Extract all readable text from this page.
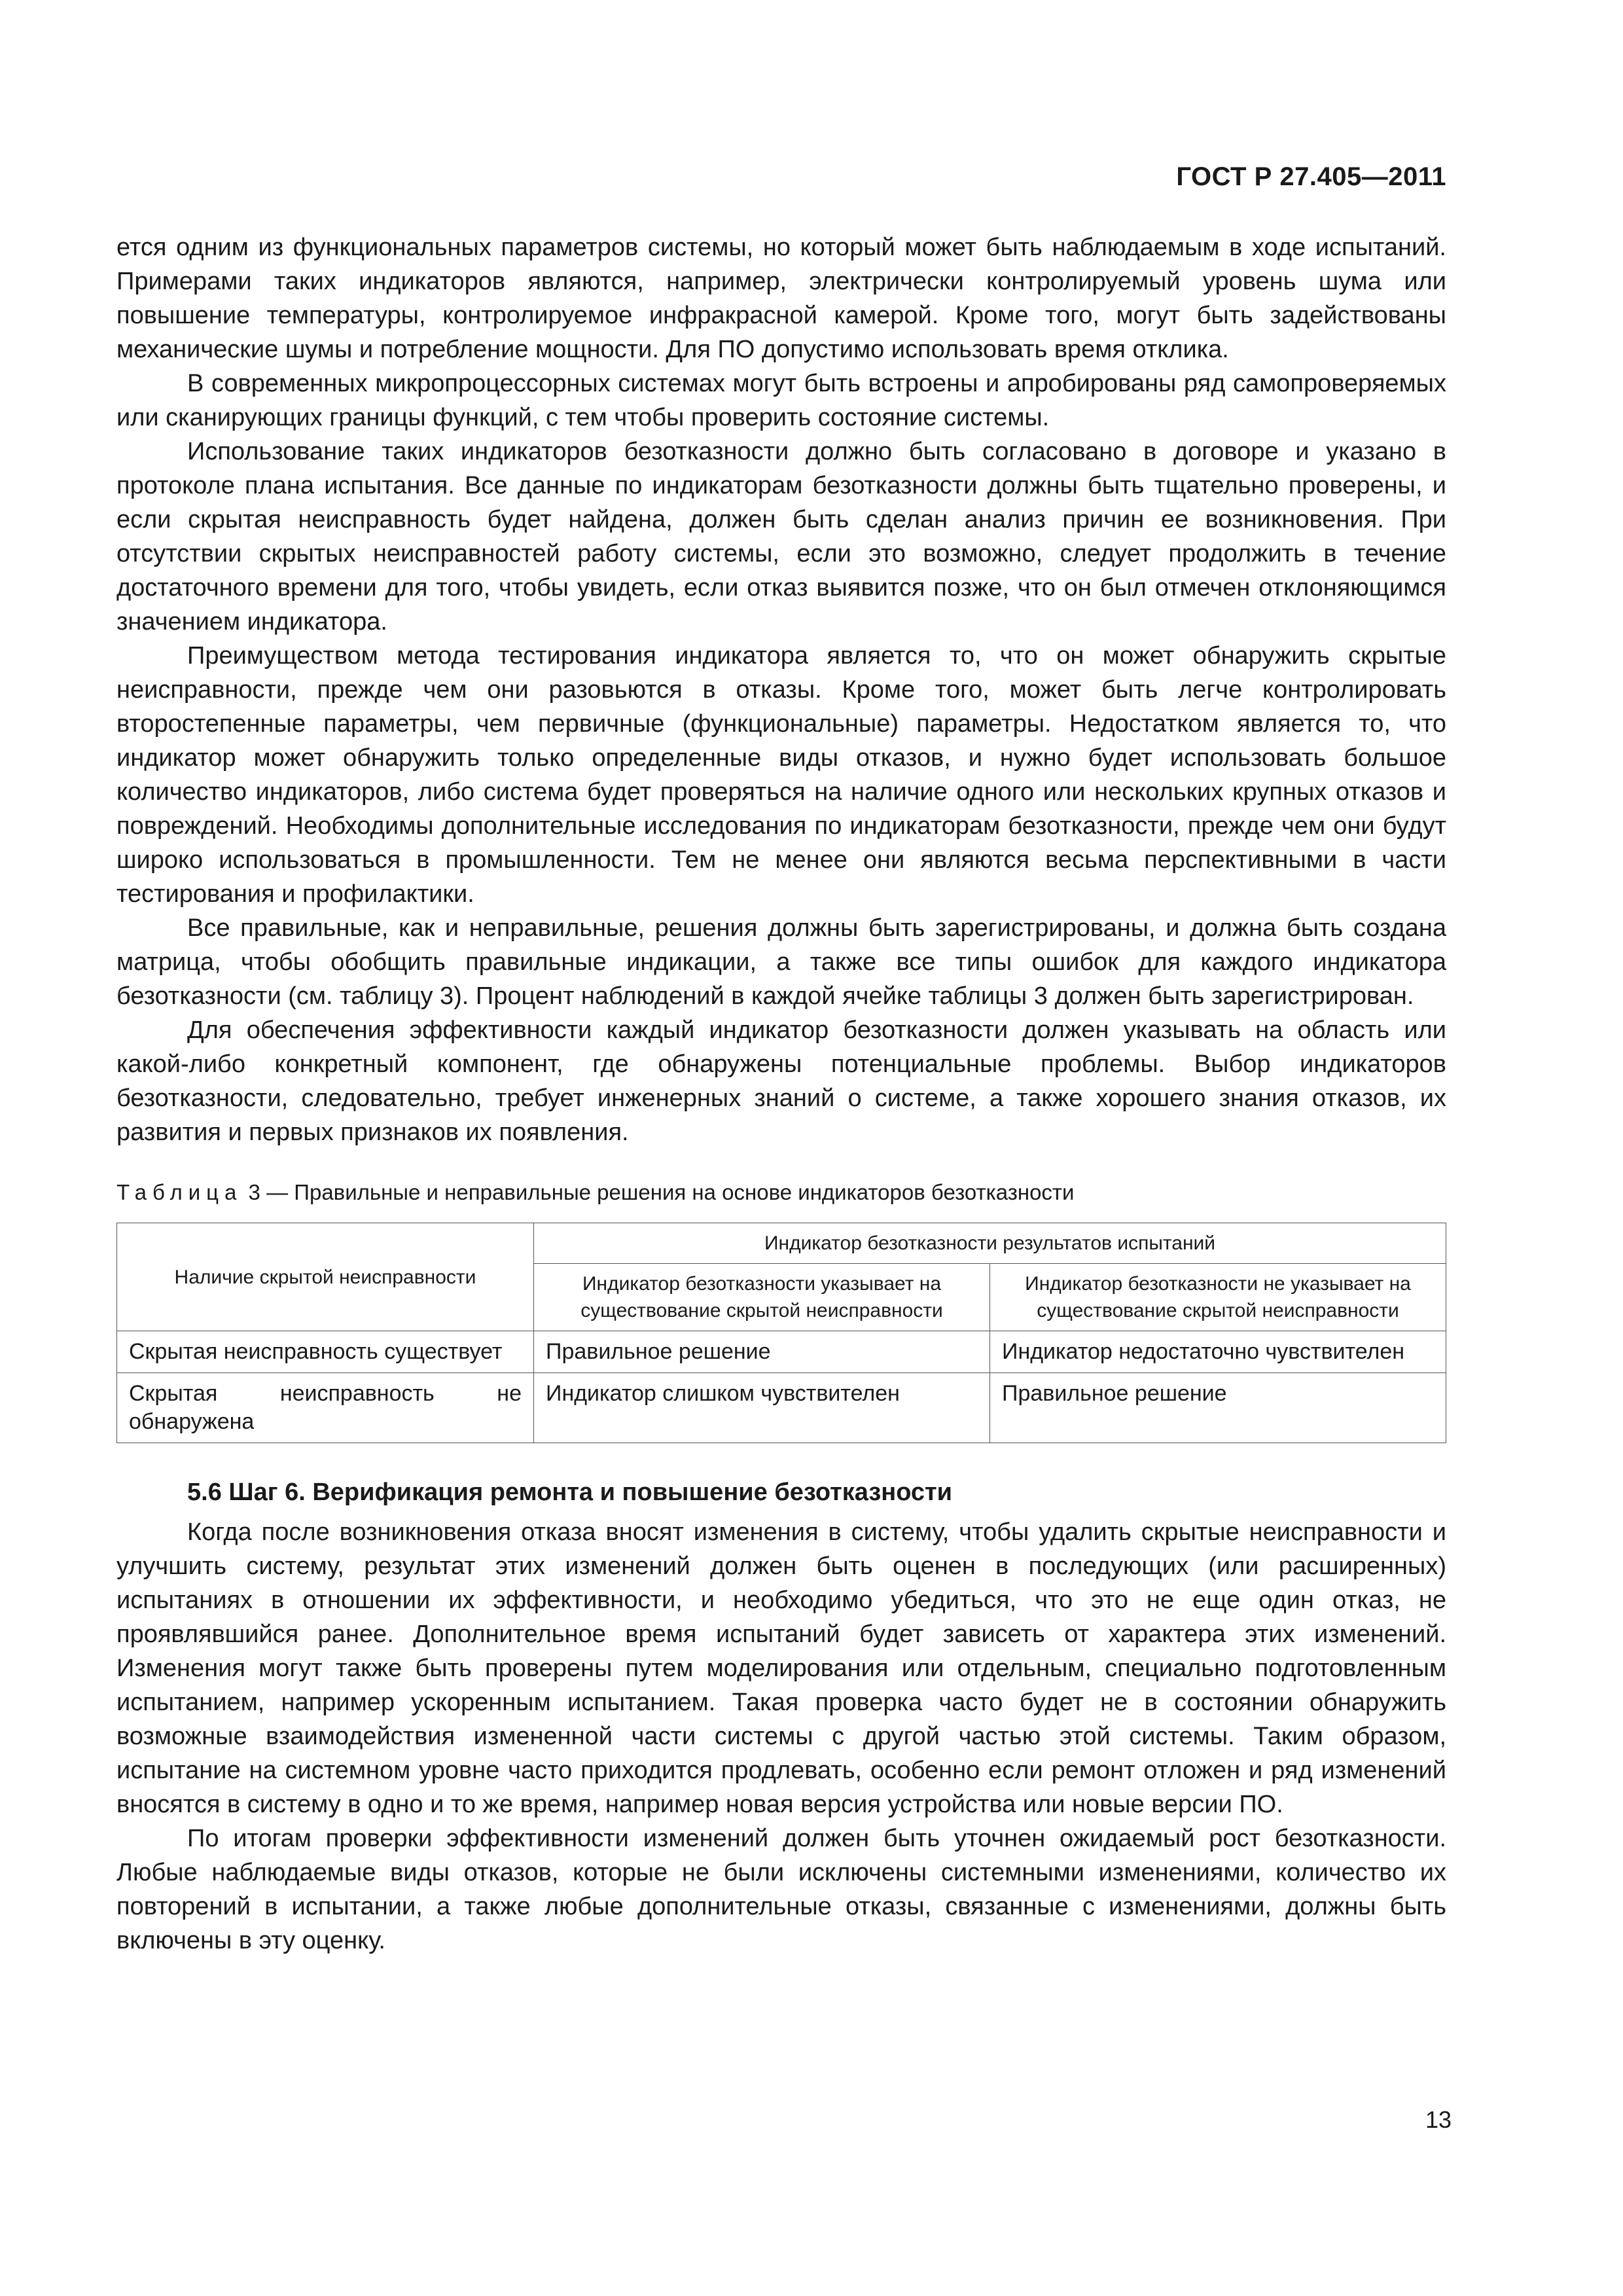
ГОСТ Р 27.405—2011

ется одним из функциональных параметров системы, но который может быть наблюдаемым в ходе испытаний. Примерами таких индикаторов являются, например, электрически контролируемый уровень шума или повышение температуры, контролируемое инфракрасной камерой. Кроме того, могут быть задействованы механические шумы и потребление мощности. Для ПО допустимо использовать время отклика.

В современных микропроцессорных системах могут быть встроены и апробированы ряд самопроверяемых или сканирующих границы функций, с тем чтобы проверить состояние системы.

Использование таких индикаторов безотказности должно быть согласовано в договоре и указано в протоколе плана испытания. Все данные по индикаторам безотказности должны быть тщательно проверены, и если скрытая неисправность будет найдена, должен быть сделан анализ причин ее возникновения. При отсутствии скрытых неисправностей работу системы, если это возможно, следует продолжить в течение достаточного времени для того, чтобы увидеть, если отказ выявится позже, что он был отмечен отклоняющимся значением индикатора.

Преимуществом метода тестирования индикатора является то, что он может обнаружить скрытые неисправности, прежде чем они разовьются в отказы. Кроме того, может быть легче контролировать второстепенные параметры, чем первичные (функциональные) параметры. Недостатком является то, что индикатор может обнаружить только определенные виды отказов, и нужно будет использовать большое количество индикаторов, либо система будет проверяться на наличие одного или нескольких крупных отказов и повреждений. Необходимы дополнительные исследования по индикаторам безотказности, прежде чем они будут широко использоваться в промышленности. Тем не менее они являются весьма перспективными в части тестирования и профилактики.

Все правильные, как и неправильные, решения должны быть зарегистрированы, и должна быть создана матрица, чтобы обобщить правильные индикации, а также все типы ошибок для каждого индикатора безотказности (см. таблицу 3). Процент наблюдений в каждой ячейке таблицы 3 должен быть зарегистрирован.

Для обеспечения эффективности каждый индикатор безотказности должен указывать на область или какой-либо конкретный компонент, где обнаружены потенциальные проблемы. Выбор индикаторов безотказности, следовательно, требует инженерных знаний о системе, а также хорошего знания отказов, их развития и первых признаков их появления.

Таблица 3 — Правильные и неправильные решения на основе индикаторов безотказности
Наличие скрытой неисправности	Индикатор безотказности результатов испытаний	
	Индикатор безотказности указывает на существование скрытой неисправности	Индикатор безотказности не указывает на существование скрытой неисправности
Скрытая неисправность существует	Правильное решение	Индикатор недостаточно чувствителен
Скрытая неисправность не обнаружена	Индикатор слишком чувствителен	Правильное решение
5.6 Шаг 6. Верификация ремонта и повышение безотказности

Когда после возникновения отказа вносят изменения в систему, чтобы удалить скрытые неисправности и улучшить систему, результат этих изменений должен быть оценен в последующих (или расширенных) испытаниях в отношении их эффективности, и необходимо убедиться, что это не еще один отказ, не проявлявшийся ранее. Дополнительное время испытаний будет зависеть от характера этих изменений. Изменения могут также быть проверены путем моделирования или отдельным, специально подготовленным испытанием, например ускоренным испытанием. Такая проверка часто будет не в состоянии обнаружить возможные взаимодействия измененной части системы с другой частью этой системы. Таким образом, испытание на системном уровне часто приходится продлевать, особенно если ремонт отложен и ряд изменений вносятся в систему в одно и то же время, например новая версия устройства или новые версии ПО.

По итогам проверки эффективности изменений должен быть уточнен ожидаемый рост безотказности. Любые наблюдаемые виды отказов, которые не были исключены системными изменениями, количество их повторений в испытании, а также любые дополнительные отказы, связанные с изменениями, должны быть включены в эту оценку.

13
